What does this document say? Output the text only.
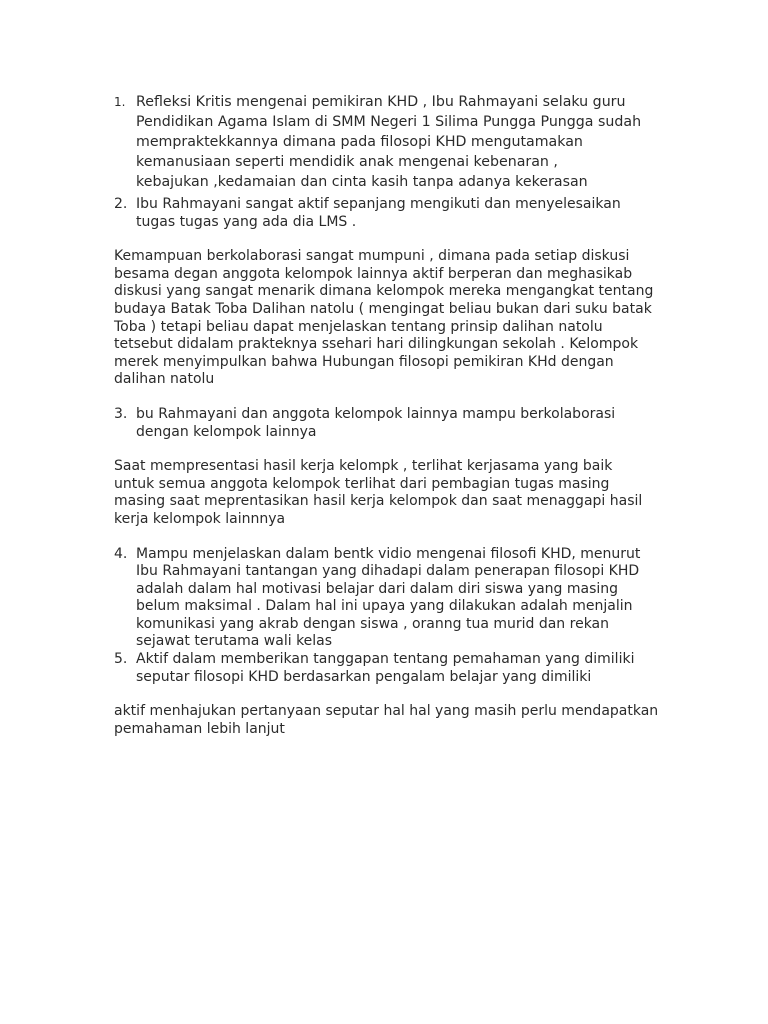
1. Refleksi Kritis mengenai pemikiran KHD , Ibu Rahmayani selaku guru
Pendidikan Agama Islam di SMM Negeri 1 Silima Pungga Pungga sudah
mempraktekkannya dimana pada filosopi KHD mengutamakan
kemanusiaan seperti mendidik anak mengenai kebenaran ,
kebajukan ,kedamaian dan cinta kasih tanpa adanya kekerasan
2. Ibu Rahmayani sangat aktif sepanjang mengikuti dan menyelesaikan
tugas tugas yang ada dia LMS .
Kemampuan berkolaborasi sangat mumpuni , dimana pada setiap diskusi
besama degan anggota kelompok lainnya aktif berperan dan meghasikab
diskusi yang sangat menarik dimana kelompok mereka mengangkat tentang
budaya Batak Toba Dalihan natolu ( mengingat beliau bukan dari suku batak
Toba ) tetapi beliau dapat menjelaskan tentang prinsip dalihan natolu
tetsebut didalam prakteknya ssehari hari dilingkungan sekolah . Kelompok
merek menyimpulkan bahwa Hubungan filosopi pemikiran KHd dengan
dalihan natolu
3. bu Rahmayani dan anggota kelompok lainnya mampu berkolaborasi
dengan kelompok lainnya
Saat mempresentasi hasil kerja kelompk , terlihat kerjasama yang baik
untuk semua anggota kelompok terlihat dari pembagian tugas masing
masing saat meprentasikan hasil kerja kelompok dan saat menaggapi hasil
kerja kelompok lainnnya
4. Mampu menjelaskan dalam bentk vidio mengenai filosofi KHD, menurut
Ibu Rahmayani tantangan yang dihadapi dalam penerapan filosopi KHD
adalah dalam hal motivasi belajar dari dalam diri siswa yang masing
belum maksimal . Dalam hal ini upaya yang dilakukan adalah menjalin
komunikasi yang akrab dengan siswa , oranng tua murid dan rekan
sejawat terutama wali kelas
5. Aktif dalam memberikan tanggapan tentang pemahaman yang dimiliki
seputar filosopi KHD berdasarkan pengalam belajar yang dimiliki
aktif menhajukan pertanyaan seputar hal hal yang masih perlu mendapatkan
pemahaman lebih lanjut
